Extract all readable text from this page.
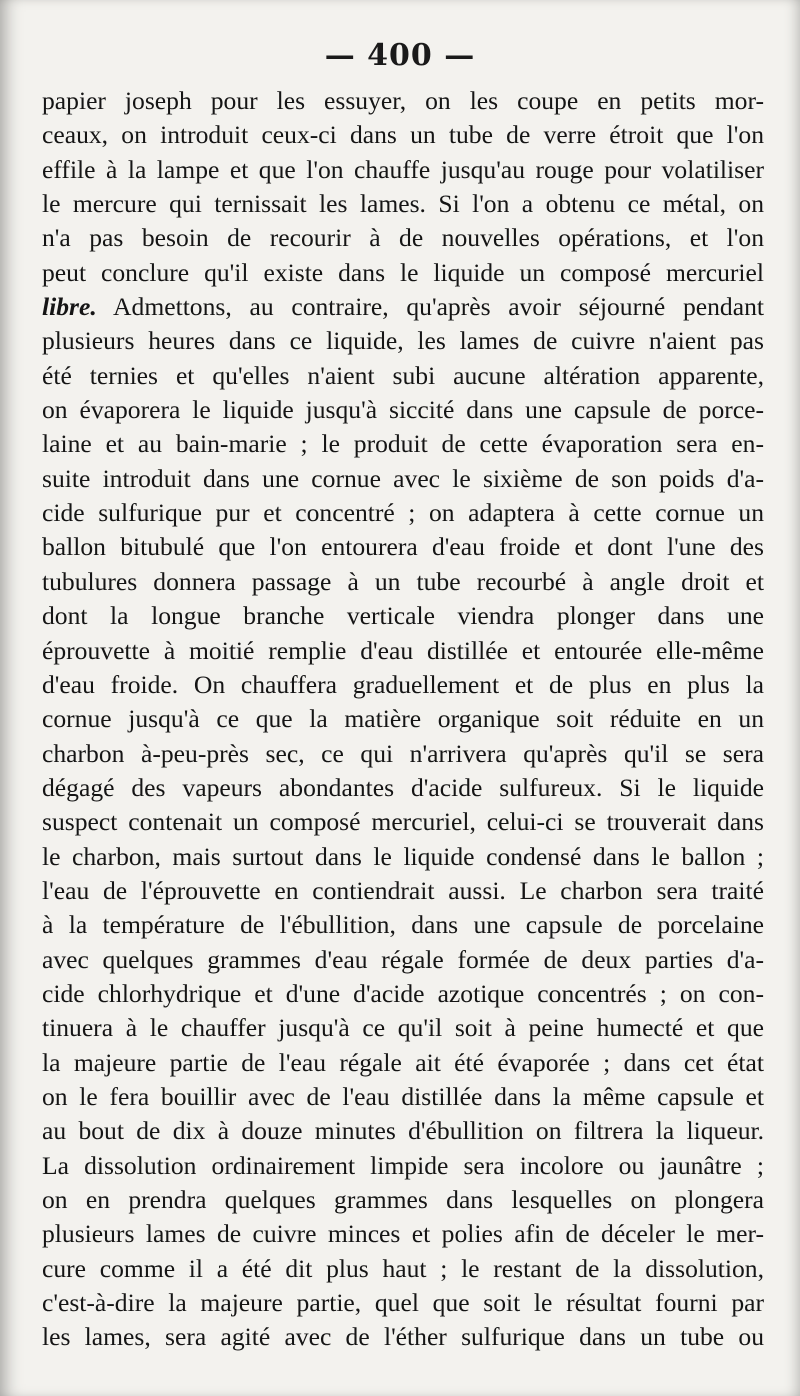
— 400 —
papier joseph pour les essuyer, on les coupe en petits mor-
ceaux, on introduit ceux-ci dans un tube de verre étroit que l'on
effile à la lampe et que l'on chauffe jusqu'au rouge pour volatiliser
le mercure qui ternissait les lames. Si l'on a obtenu ce métal, on
n'a pas besoin de recourir à de nouvelles opérations, et l'on
peut conclure qu'il existe dans le liquide un composé mercuriel
libre. Admettons, au contraire, qu'après avoir séjourné pendant
plusieurs heures dans ce liquide, les lames de cuivre n'aient pas
été ternies et qu'elles n'aient subi aucune altération apparente,
on évaporera le liquide jusqu'à siccité dans une capsule de porce-
laine et au bain-marie ; le produit de cette évaporation sera en-
suite introduit dans une cornue avec le sixième de son poids d'a-
cide sulfurique pur et concentré ; on adaptera à cette cornue un
ballon bitubulé que l'on entourera d'eau froide et dont l'une des
tubulures donnera passage à un tube recourbé à angle droit et
dont la longue branche verticale viendra plonger dans une
éprouvette à moitié remplie d'eau distillée et entourée elle-même
d'eau froide. On chauffera graduellement et de plus en plus la
cornue jusqu'à ce que la matière organique soit réduite en un
charbon à-peu-près sec, ce qui n'arrivera qu'après qu'il se sera
dégagé des vapeurs abondantes d'acide sulfureux. Si le liquide
suspect contenait un composé mercuriel, celui-ci se trouverait dans
le charbon, mais surtout dans le liquide condensé dans le ballon ;
l'eau de l'éprouvette en contiendrait aussi. Le charbon sera traité
à la température de l'ébullition, dans une capsule de porcelaine
avec quelques grammes d'eau régale formée de deux parties d'a-
cide chlorhydrique et d'une d'acide azotique concentrés ; on con-
tinuera à le chauffer jusqu'à ce qu'il soit à peine humecté et que
la majeure partie de l'eau régale ait été évaporée ; dans cet état
on le fera bouillir avec de l'eau distillée dans la même capsule et
au bout de dix à douze minutes d'ébullition on filtrera la liqueur.
La dissolution ordinairement limpide sera incolore ou jaunâtre ;
on en prendra quelques grammes dans lesquelles on plongera
plusieurs lames de cuivre minces et polies afin de déceler le mer-
cure comme il a été dit plus haut ; le restant de la dissolution,
c'est-à-dire la majeure partie, quel que soit le résultat fourni par
les lames, sera agité avec de l'éther sulfurique dans un tube ou
